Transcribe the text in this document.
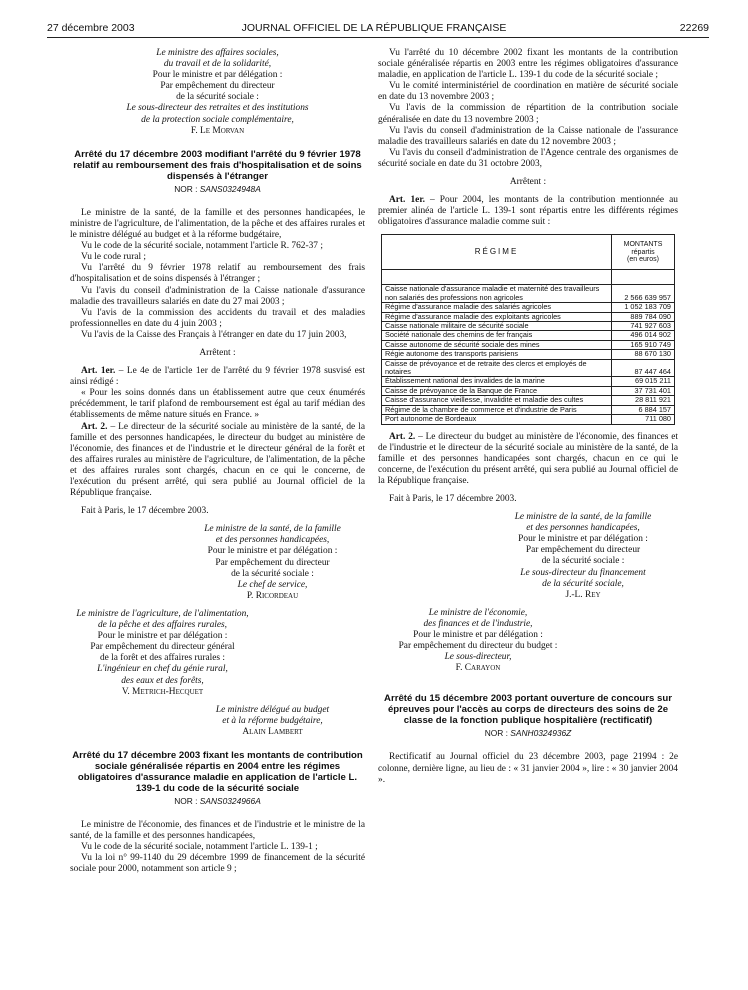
27 décembre 2003	JOURNAL OFFICIEL DE LA RÉPUBLIQUE FRANÇAISE	22269

Le ministre des affaires sociales,

du travail et de la solidarité,

Pour le ministre et par délégation :

Par empêchement du directeur

de la sécurité sociale :

Le sous-directeur des retraites et des institutions

de la protection sociale complémentaire,

F. Le Morvan

Arrêté du 17 décembre 2003 modifiant l'arrêté du 9 février 1978 relatif au remboursement des frais d'hospitalisation et de soins dispensés à l'étranger

NOR : SANS0324948A

Le ministre de la santé, de la famille et des personnes handicapées, le ministre de l'agriculture, de l'alimentation, de la pêche et des affaires rurales et le ministre délégué au budget et à la réforme budgétaire,

Vu le code de la sécurité sociale, notamment l'article R. 762-37 ;

Vu le code rural ;

Vu l'arrêté du 9 février 1978 relatif au remboursement des frais d'hospitalisation et de soins dispensés à l'étranger ;

Vu l'avis du conseil d'administration de la Caisse nationale d'assurance maladie des travailleurs salariés en date du 27 mai 2003 ;

Vu l'avis de la commission des accidents du travail et des maladies professionnelles en date du 4 juin 2003 ;

Vu l'avis de la Caisse des Français à l'étranger en date du 17 juin 2003,

Arrêtent :

Art. 1er. – Le 4e de l'article 1er de l'arrêté du 9 février 1978 susvisé est ainsi rédigé :

« Pour les soins donnés dans un établissement autre que ceux énumérés précédemment, le tarif plafond de remboursement est égal au tarif médian des établissements de même nature situés en France. »

Art. 2. – Le directeur de la sécurité sociale au ministère de la santé, de la famille et des personnes handicapées, le directeur du budget au ministère de l'économie, des finances et de l'industrie et le directeur général de la forêt et des affaires rurales au ministère de l'agriculture, de l'alimentation, de la pêche et des affaires rurales sont chargés, chacun en ce qui le concerne, de l'exécution du présent arrêté, qui sera publié au Journal officiel de la République française.

Fait à Paris, le 17 décembre 2003.

Le ministre de la santé, de la famille

et des personnes handicapées,

Pour le ministre et par délégation :

Par empêchement du directeur

de la sécurité sociale :

Le chef de service,

P. Ricordeau

Le ministre de l'agriculture, de l'alimentation,

de la pêche et des affaires rurales,

Pour le ministre et par délégation :

Par empêchement du directeur général

de la forêt et des affaires rurales :

L'ingénieur en chef du génie rural,

des eaux et des forêts,

V. Metrich-Hecquet

Le ministre délégué au budget

et à la réforme budgétaire,

Alain Lambert

Arrêté du 17 décembre 2003 fixant les montants de contribution sociale généralisée répartis en 2004 entre les régimes obligatoires d'assurance maladie en application de l'article L. 139-1 du code de la sécurité sociale

NOR : SANS0324966A

Le ministre de l'économie, des finances et de l'industrie et le ministre de la santé, de la famille et des personnes handicapées,

Vu le code de la sécurité sociale, notamment l'article L. 139-1 ;

Vu la loi n° 99-1140 du 29 décembre 1999 de financement de la sécurité sociale pour 2000, notamment son article 9 ;

Vu l'arrêté du 10 décembre 2002 fixant les montants de la contribution sociale généralisée répartis en 2003 entre les régimes obligatoires d'assurance maladie, en application de l'article L. 139-1 du code de la sécurité sociale ;

Vu le comité interministériel de coordination en matière de sécurité sociale en date du 13 novembre 2003 ;

Vu l'avis de la commission de répartition de la contribution sociale généralisée en date du 13 novembre 2003 ;

Vu l'avis du conseil d'administration de la Caisse nationale de l'assurance maladie des travailleurs salariés en date du 12 novembre 2003 ;

Vu l'avis du conseil d'administration de l'Agence centrale des organismes de sécurité sociale en date du 31 octobre 2003,

Arrêtent :

Art. 1er. – Pour 2004, les montants de la contribution mentionnée au premier alinéa de l'article L. 139-1 sont répartis entre les différents régimes obligatoires d'assurance maladie comme suit :

RÉGIME	MONTANTS
répartis
(en euros)

Caisse nationale d'assurance maladie et maternité des travailleurs non salariés des professions non agricoles	2 566 639 957
Régime d'assurance maladie des salariés agricoles	1 052 183 709
Régime d'assurance maladie des exploitants agricoles	889 784 090
Caisse nationale militaire de sécurité sociale	741 927 603
Société nationale des chemins de fer français	496 014 902
Caisse autonome de sécurité sociale des mines	165 910 749
Régie autonome des transports parisiens	88 670 130
Caisse de prévoyance et de retraite des clercs et employés de notaires	87 447 464
Établissement national des invalides de la marine	69 015 211
Caisse de prévoyance de la Banque de France	37 731 401
Caisse d'assurance vieillesse, invalidité et maladie des cultes	28 811 921
Régime de la chambre de commerce et d'industrie de Paris	6 884 157
Port autonome de Bordeaux	711 080

Art. 2. – Le directeur du budget au ministère de l'économie, des finances et de l'industrie et le directeur de la sécurité sociale au ministère de la santé, de la famille et des personnes handicapées sont chargés, chacun en ce qui le concerne, de l'exécution du présent arrêté, qui sera publié au Journal officiel de la République française.

Fait à Paris, le 17 décembre 2003.

Le ministre de la santé, de la famille

et des personnes handicapées,

Pour le ministre et par délégation :

Par empêchement du directeur

de la sécurité sociale :

Le sous-directeur du financement

de la sécurité sociale,

J.-L. Rey

Le ministre de l'économie,

des finances et de l'industrie,

Pour le ministre et par délégation :

Par empêchement du directeur du budget :

Le sous-directeur,

F. Carayon

Arrêté du 15 décembre 2003 portant ouverture de concours sur épreuves pour l'accès au corps de directeurs des soins de 2e classe de la fonction publique hospitalière (rectificatif)

NOR : SANH0324936Z

Rectificatif au Journal officiel du 23 décembre 2003, page 21994 : 2e colonne, dernière ligne, au lieu de : « 31 janvier 2004 », lire : « 30 janvier 2004 ».
